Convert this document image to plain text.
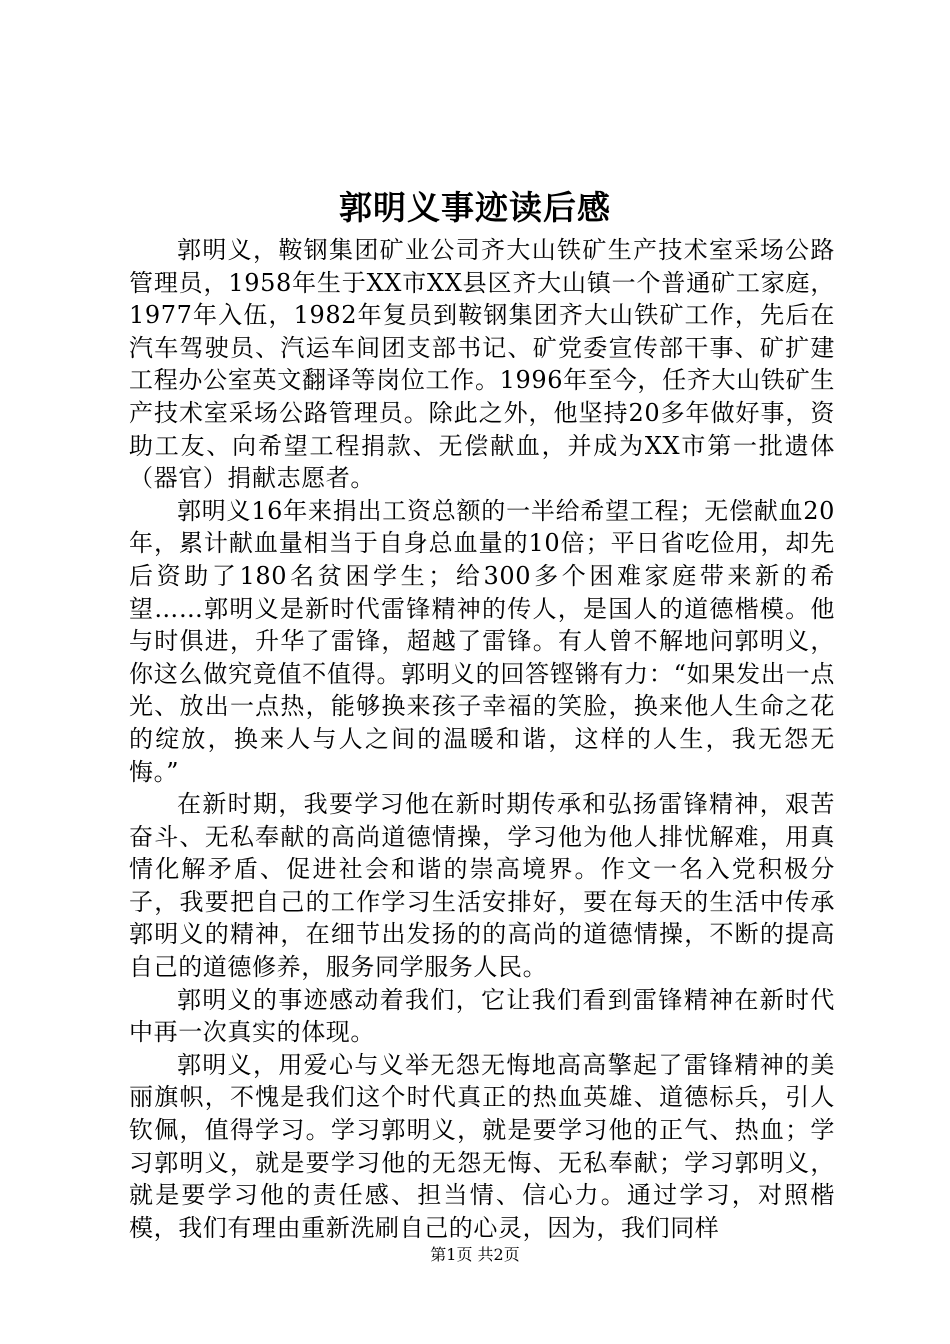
郭明义事迹读后感

郭明义，鞍钢集团矿业公司齐大山铁矿生产技术室采场公路管理员，1958年生于XX市XX县区齐大山镇一个普通矿工家庭，1977年入伍，1982年复员到鞍钢集团齐大山铁矿工作，先后在汽车驾驶员、汽运车间团支部书记、矿党委宣传部干事、矿扩建工程办公室英文翻译等岗位工作。1996年至今，任齐大山铁矿生产技术室采场公路管理员。除此之外，他坚持20多年做好事，资助工友、向希望工程捐款、无偿献血，并成为XX市第一批遗体（器官）捐献志愿者。

郭明义16年来捐出工资总额的一半给希望工程；无偿献血20年，累计献血量相当于自身总血量的10倍；平日省吃俭用，却先后资助了180名贫困学生；给300多个困难家庭带来新的希望……郭明义是新时代雷锋精神的传人，是国人的道德楷模。他与时俱进，升华了雷锋，超越了雷锋。有人曾不解地问郭明义，你这么做究竟值不值得。郭明义的回答铿锵有力：“如果发出一点光、放出一点热，能够换来孩子幸福的笑脸，换来他人生命之花的绽放，换来人与人之间的温暖和谐，这样的人生，我无怨无悔。”

在新时期，我要学习他在新时期传承和弘扬雷锋精神，艰苦奋斗、无私奉献的高尚道德情操，学习他为他人排忧解难，用真情化解矛盾、促进社会和谐的崇高境界。作文一名入党积极分子，我要把自己的工作学习生活安排好，要在每天的生活中传承郭明义的精神，在细节出发扬的的高尚的道德情操，不断的提高自己的道德修养，服务同学服务人民。

郭明义的事迹感动着我们，它让我们看到雷锋精神在新时代中再一次真实的体现。

郭明义，用爱心与义举无怨无悔地高高擎起了雷锋精神的美丽旗帜，不愧是我们这个时代真正的热血英雄、道德标兵，引人钦佩，值得学习。学习郭明义，就是要学习他的正气、热血；学习郭明义，就是要学习他的无怨无悔、无私奉献；学习郭明义，就是要学习他的责任感、担当情、信心力。通过学习，对照楷模，我们有理由重新洗刷自己的心灵，因为，我们同样

第1页 共2页
